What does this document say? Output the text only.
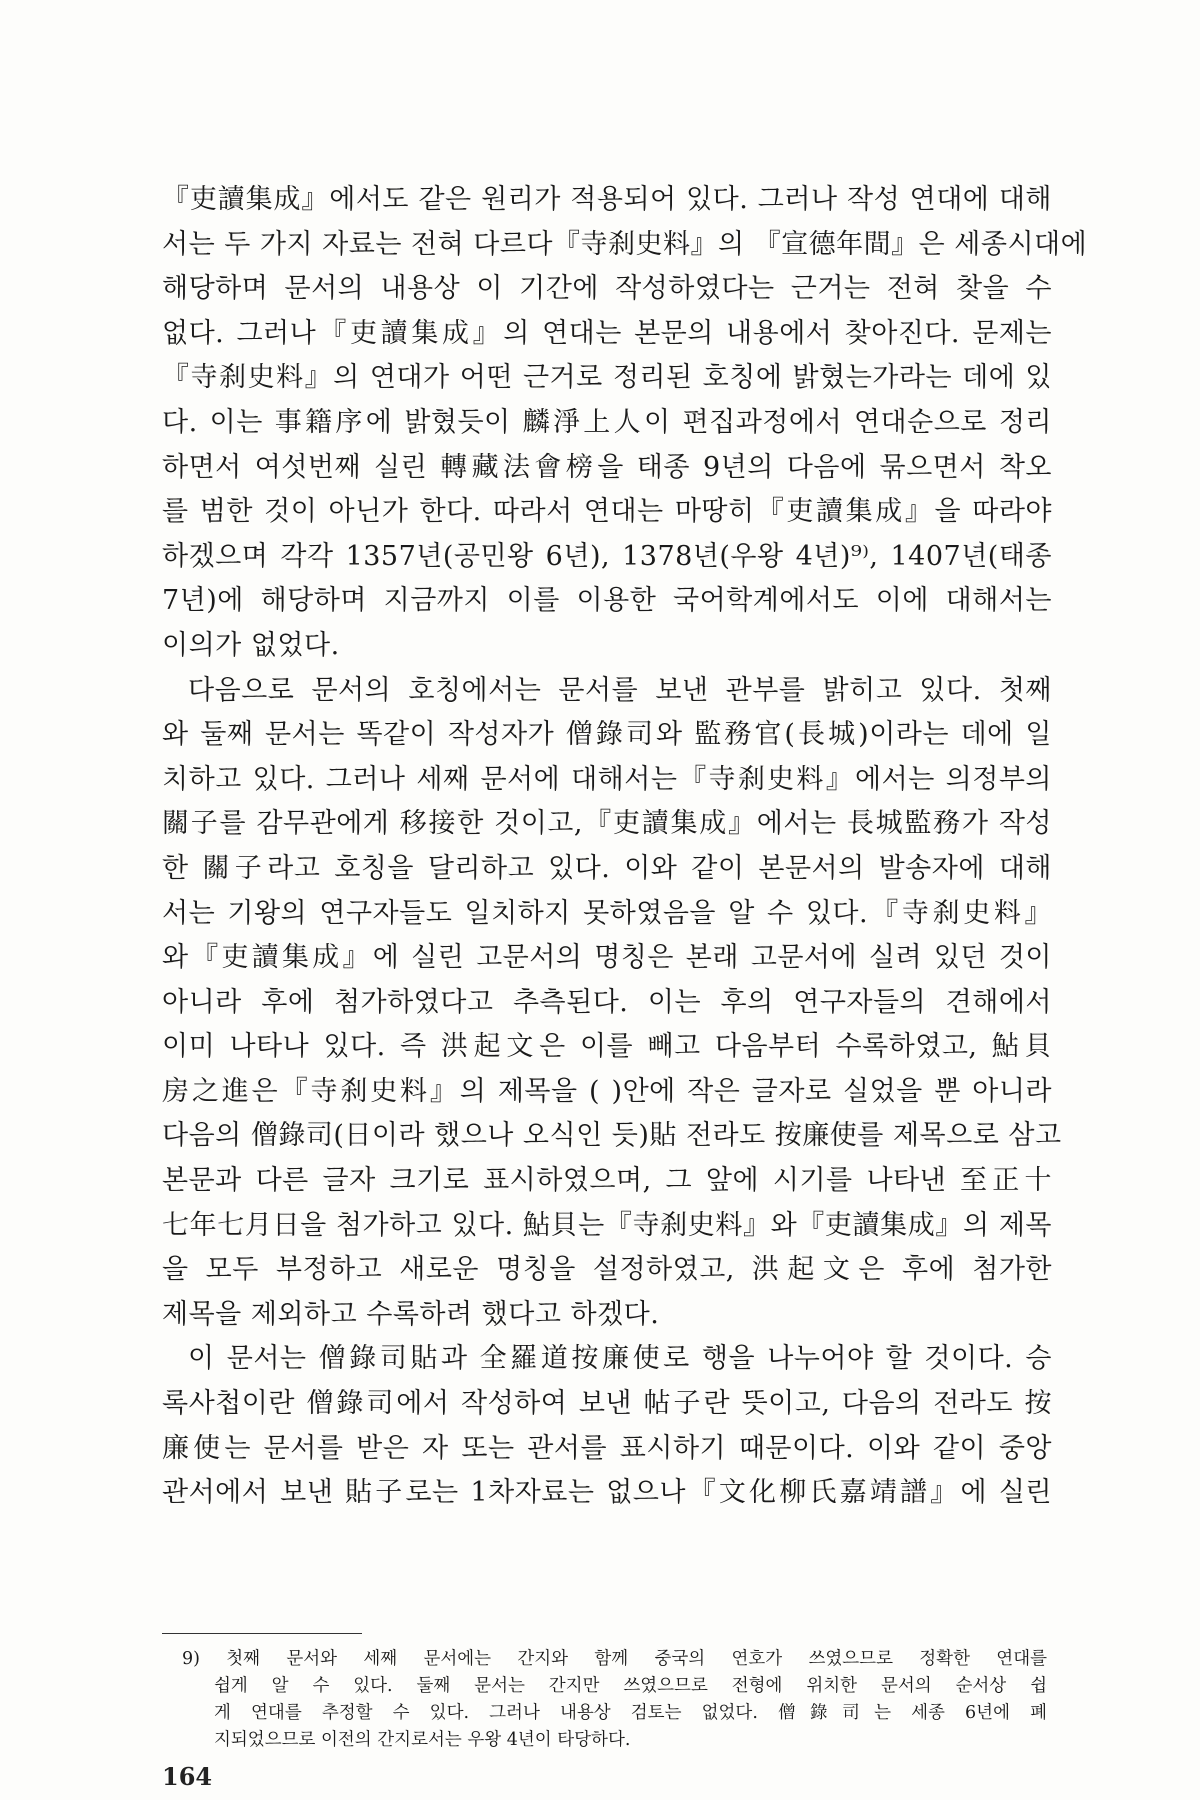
『吏讀集成』에서도 같은 원리가 적용되어 있다. 그러나 작성 연대에 대해
서는 두 가지 자료는 전혀 다르다『寺刹史料』의 『宣德年間』은 세종시대에
해당하며 문서의 내용상 이 기간에 작성하였다는 근거는 전혀 찾을 수
없다. 그러나『吏讀集成』의 연대는 본문의 내용에서 찾아진다. 문제는
『寺刹史料』의 연대가 어떤 근거로 정리된 호칭에 밝혔는가라는 데에 있
다. 이는 事籍序에 밝혔듯이 麟淨上人이 편집과정에서 연대순으로 정리
하면서 여섯번째 실린 轉藏法會榜을 태종 9년의 다음에 묶으면서 착오
를 범한 것이 아닌가 한다. 따라서 연대는 마땅히『吏讀集成』을 따라야
하겠으며 각각 1357년(공민왕 6년), 1378년(우왕 4년)⁹⁾, 1407년(태종
7년)에 해당하며 지금까지 이를 이용한 국어학계에서도 이에 대해서는
이의가 없었다.
다음으로 문서의 호칭에서는 문서를 보낸 관부를 밝히고 있다. 첫째
와 둘째 문서는 똑같이 작성자가 僧錄司와 監務官(長城)이라는 데에 일
치하고 있다. 그러나 세째 문서에 대해서는『寺刹史料』에서는 의정부의
關子를 감무관에게 移接한 것이고,『吏讀集成』에서는 長城監務가 작성
한 關子라고 호칭을 달리하고 있다. 이와 같이 본문서의 발송자에 대해
서는 기왕의 연구자들도 일치하지 못하였음을 알 수 있다.『寺刹史料』
와『吏讀集成』에 실린 고문서의 명칭은 본래 고문서에 실려 있던 것이
아니라 후에 첨가하였다고 추측된다. 이는 후의 연구자들의 견해에서
이미 나타나 있다. 즉 洪起文은 이를 빼고 다음부터 수록하였고, 鮎貝
房之進은『寺刹史料』의 제목을 ( )안에 작은 글자로 실었을 뿐 아니라
다음의 僧錄司(日이라 했으나 오식인 듯)貼 전라도 按廉使를 제목으로 삼고
본문과 다른 글자 크기로 표시하였으며, 그 앞에 시기를 나타낸 至正十
七年七月日을 첨가하고 있다. 鮎貝는『寺刹史料』와『吏讀集成』의 제목
을 모두 부정하고 새로운 명칭을 설정하였고, 洪起文은 후에 첨가한
제목을 제외하고 수록하려 했다고 하겠다.
이 문서는 僧錄司貼과 全羅道按廉使로 행을 나누어야 할 것이다. 승
록사첩이란 僧錄司에서 작성하여 보낸 帖子란 뜻이고, 다음의 전라도 按
廉使는 문서를 받은 자 또는 관서를 표시하기 때문이다. 이와 같이 중앙
관서에서 보낸 貼子로는 1차자료는 없으나『文化柳氏嘉靖譜』에 실린
9) 첫째 문서와 세째 문서에는 간지와 함께 중국의 연호가 쓰였으므로 정확한 연대를
쉽게 알 수 있다. 둘째 문서는 간지만 쓰였으므로 전형에 위치한 문서의 순서상 쉽
게 연대를 추정할 수 있다. 그러나 내용상 검토는 없었다. 僧錄司는 세종 6년에 폐
지되었으므로 이전의 간지로서는 우왕 4년이 타당하다.
164
